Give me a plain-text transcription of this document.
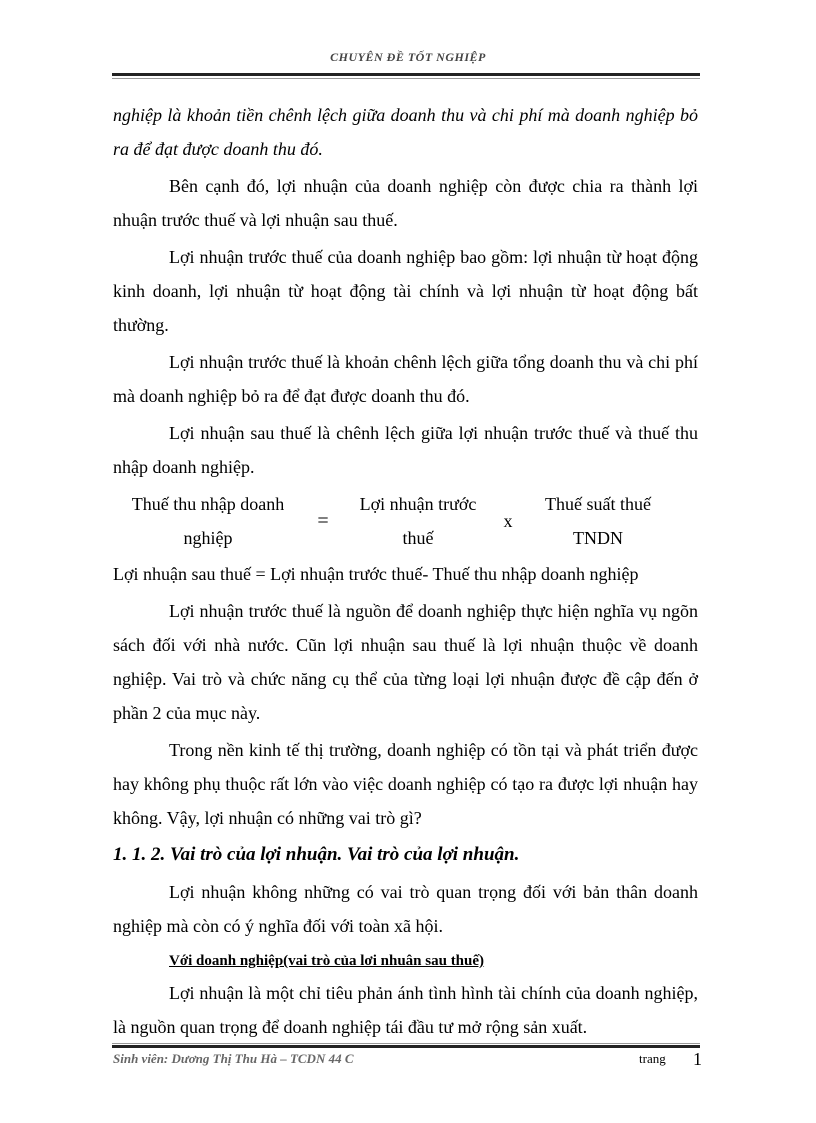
CHUYÊN ĐỀ TỐT NGHIỆP

nghiệp là khoản tiền chênh lệch giữa doanh thu và chi phí mà doanh nghiệp bỏ ra để đạt được doanh thu đó.

Bên cạnh đó, lợi nhuận của doanh nghiệp còn được chia ra thành lợi nhuận trước thuế và lợi nhuận sau thuế.

Lợi nhuận trước thuế của doanh nghiệp bao gồm: lợi nhuận từ hoạt động kinh doanh, lợi nhuận từ hoạt động tài chính và lợi nhuận từ hoạt động bất thường.

Lợi nhuận trước thuế là khoản chênh lệch giữa tổng doanh thu và chi phí mà doanh nghiệp bỏ ra để đạt được doanh thu đó.

Lợi nhuận sau thuế là chênh lệch giữa lợi nhuận trước thuế và thuế thu nhập doanh nghiệp.

Thuế thu nhập doanh
nghiệp
=
Lợi nhuận trước
thuế
x
Thuế suất thuế
TNDN

Lợi nhuận sau thuế = Lợi nhuận trước thuế- Thuế thu nhập doanh nghiệp

Lợi nhuận trước thuế là nguồn để doanh nghiệp thực hiện nghĩa vụ ngõn sách đối với nhà nước. Cũn lợi nhuận sau thuế là lợi nhuận thuộc về doanh nghiệp. Vai trò và chức năng cụ thể của từng loại lợi nhuận được đề cập đến ở phần 2 của mục này.

Trong nền kinh tế thị trường, doanh nghiệp có tồn tại và phát triển được hay không phụ thuộc rất lớn vào việc doanh nghiệp có tạo ra được lợi nhuận hay không. Vậy, lợi nhuận có những vai trò gì?

1. 1. 2. Vai trò của lợi nhuận. Vai trò của lợi nhuận.

Lợi nhuận không những có vai trò quan trọng đối với bản thân doanh nghiệp mà còn có ý nghĩa đối với toàn xã hội.

Với doanh nghiệp(vai trò của lơi nhuân sau thuế)

Lợi nhuận là một chỉ tiêu phản ánh tình hình tài chính của doanh nghiệp, là nguồn quan trọng để doanh nghiệp tái đầu tư mở rộng sản xuất.

Sinh viên: Dương Thị Thu Hà – TCDN 44 C	trang 1
